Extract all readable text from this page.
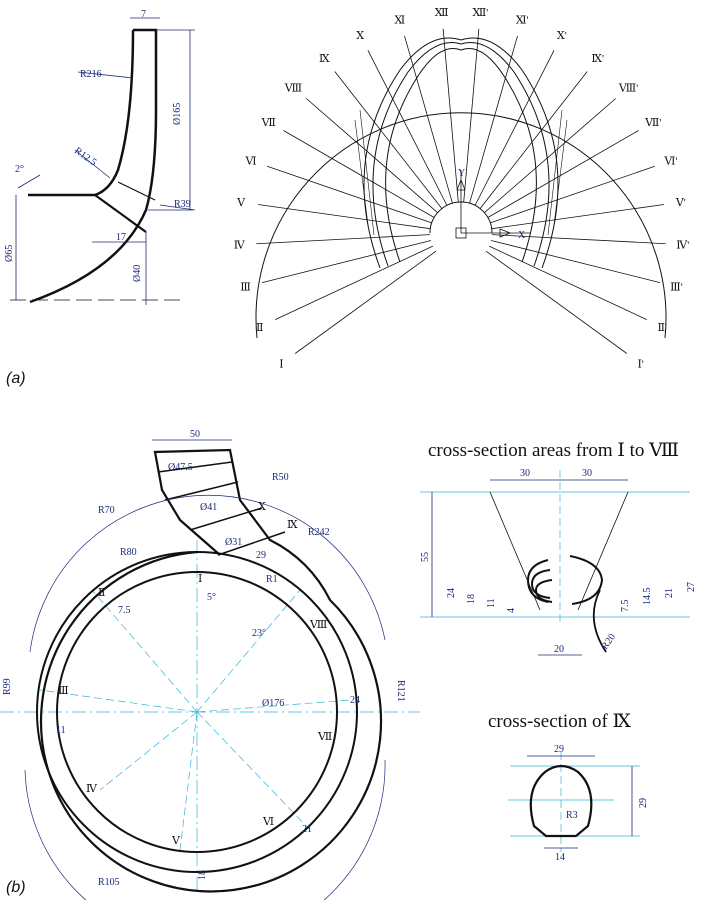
7
R216
Ø165
R12.5
2°
R39
Ø65
17
Ø40
Y
X
Ⅻ Ⅻ'
Ⅺ	Ⅺ'
Ⅹ	Ⅹ'
Ⅸ	Ⅸ'
Ⅷ	Ⅷ'
Ⅶ	Ⅶ'
Ⅵ	Ⅵ'
Ⅴ	Ⅴ'
Ⅳ	Ⅳ'
Ⅲ	Ⅲ'
Ⅱ	Ⅱ'
Ⅰ	Ⅰ'
(a)
50
Ø47.5
R70
R50
Ø41	Ⅹ
Ⅸ
R242
Ø31
29
R1
R80
Ⅰ
5°
Ⅱ
7.5
23°
Ⅷ
R99	Ⅲ
11
Ø176	24	R121
Ⅶ
Ⅳ
Ⅴ
Ⅵ
21
18
R105
cross-section areas from Ⅰ to Ⅷ
30	30
55
24
18 11
4
20
7.5
14.5 21
27
R20
cross-section of Ⅸ
29
29
R3
14
(b)
